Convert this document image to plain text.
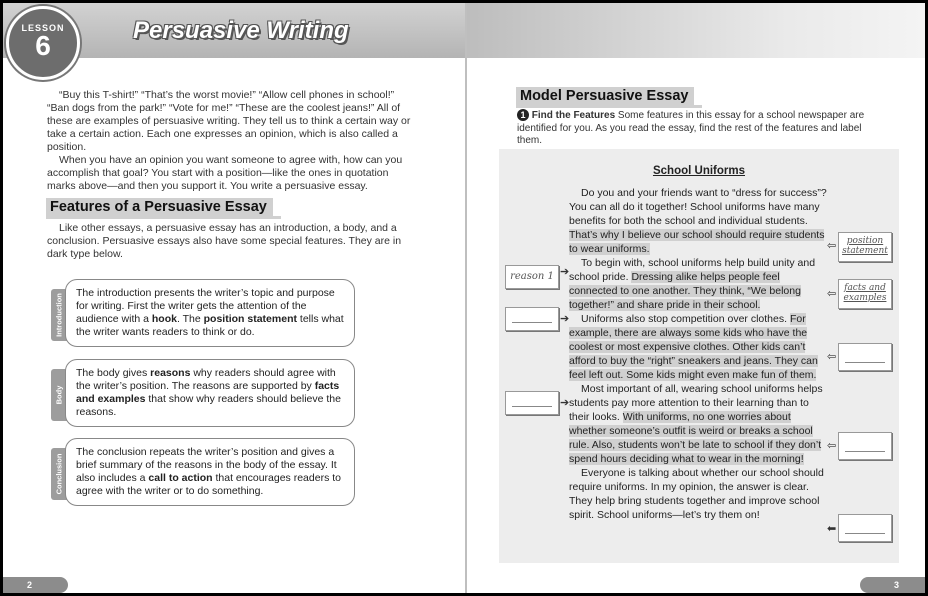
LESSON
6	Persuasive Writing
“Buy this T-shirt!” “That’s the worst movie!” “Allow cell phones in school!” “Ban dogs from the park!” “Vote for me!” “These are the coolest jeans!” All of these are examples of persuasive writing. They tell us to think a certain way or take a certain action. Each one expresses an opinion, which is also called a position.
When you have an opinion you want someone to agree with, how can you accomplish that goal? You start with a position—like the ones in quotation marks above—and then you support it. You write a persuasive essay.
Features of a Persuasive Essay
Like other essays, a persuasive essay has an introduction, a body, and a conclusion. Persuasive essays also have some special features. They are in dark type below.
Introduction
The introduction presents the writer’s topic and purpose for writing. First the writer gets the attention of the audience with a hook. The position statement tells what the writer wants readers to think or do.
Body
The body gives reasons why readers should agree with the writer’s position. The reasons are supported by facts and examples that show why readers should believe the reasons.
Conclusion
The conclusion repeats the writer’s position and gives a brief summary of the reasons in the body of the essay. It also includes a call to action that encourages readers to agree with the writer or to do something.
2
Model Persuasive Essay
1 Find the Features Some features in this essay for a school newspaper are identified for you. As you read the essay, find the rest of the features and label them.
School Uniforms
Do you and your friends want to “dress for success”? You can all do it together! School uniforms have many benefits for both the school and individual students. That’s why I believe our school should require students to wear uniforms.
To begin with, school uniforms help build unity and school pride. Dressing alike helps people feel connected to one another. They think, “We belong together!” and share pride in their school.
Uniforms also stop competition over clothes. For example, there are always some kids who have the coolest or most expensive clothes. Other kids can’t afford to buy the “right” sneakers and jeans. They can feel left out. Some kids might even make fun of them.
Most important of all, wearing school uniforms helps students pay more attention to their learning than to their looks. With uniforms, no one worries about whether someone’s outfit is weird or breaks a school rule. Also, students won’t be late to school if they don’t spend hours deciding what to wear in the morning!
Everyone is talking about whether our school should require uniforms. In my opinion, the answer is clear. They help bring students together and improve school spirit. School uniforms—let’s try them on!
reason 1 ➔
➔
➔
⇦	position
statement
⇦ facts and
examples
⇦
⇦
⬅
3
